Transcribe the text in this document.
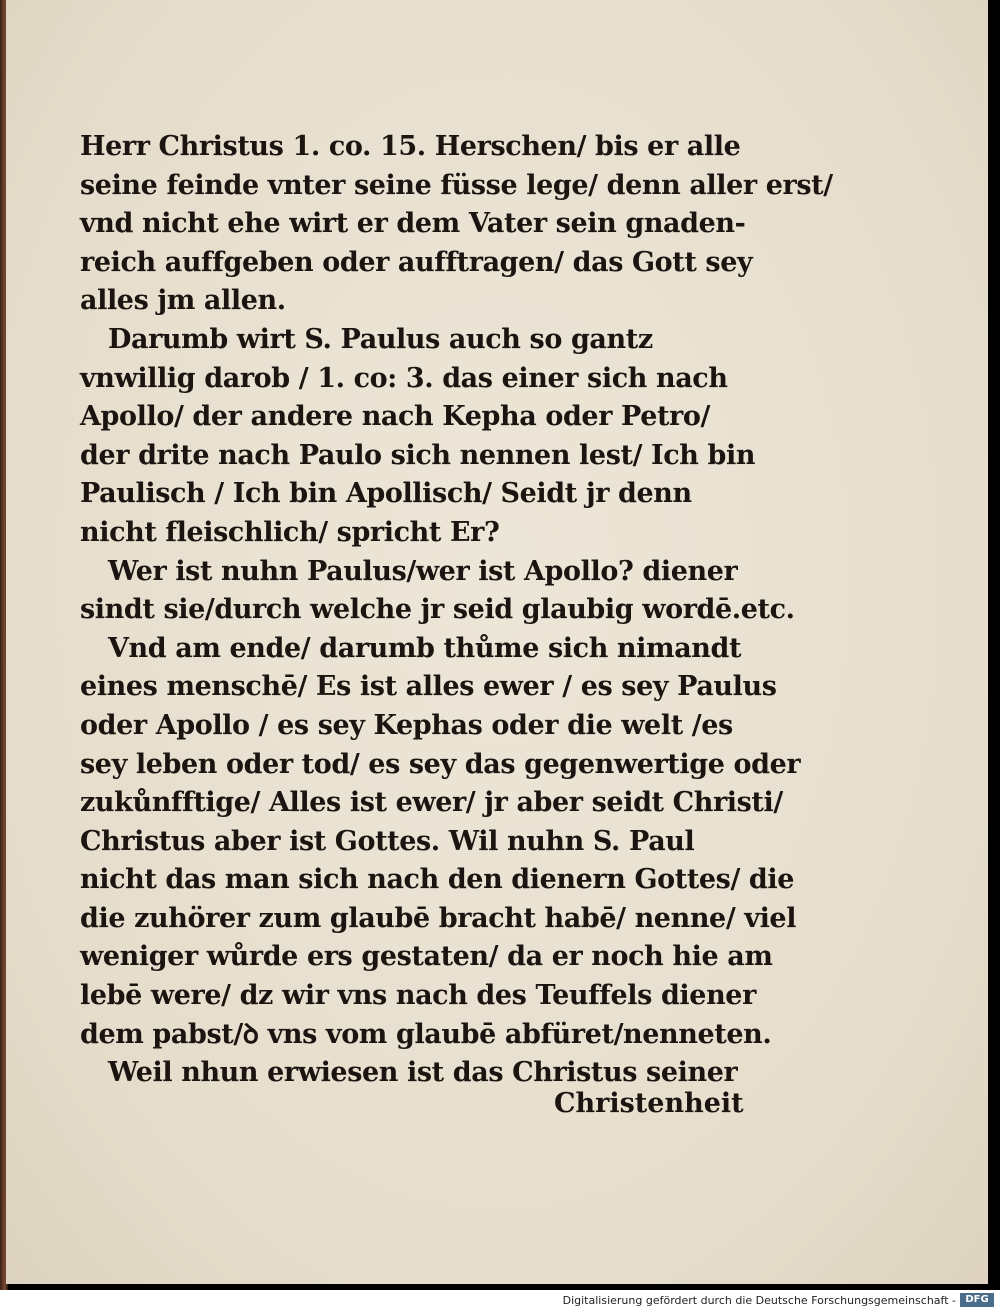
Herr Christus 1. co. 15. Herschen/ bis er alle
seine feinde vnter seine füsse lege/ denn aller erst/
vnd nicht ehe wirt er dem Vater sein gnaden-
reich auffgeben oder aufftragen/ das Gott sey
alles jm allen.
Darumb wirt S. Paulus auch so gantz
vnwillig darob / 1. co: 3. das einer sich nach
Apollo/ der andere nach Kepha oder Petro/
der drite nach Paulo sich nennen lest/ Ich bin
Paulisch / Ich bin Apollisch/ Seidt jr denn
nicht fleischlich/ spricht Er?
Wer ist nuhn Paulus/wer ist Apollo? diener
sindt sie/durch welche jr seid glaubig wordē.etc.
Vnd am ende/ darumb thůme sich nimandt
eines menschē/ Es ist alles ewer / es sey Paulus
oder Apollo / es sey Kephas oder die welt /es
sey leben oder tod/ es sey das gegenwertige oder
zukůnfftige/ Alles ist ewer/ jr aber seidt Christi/
Christus aber ist Gottes. Wil nuhn S. Paul
nicht das man sich nach den dienern Gottes/ die
die zuhörer zum glaubē bracht habē/ nenne/ viel
weniger wůrde ers gestaten/ da er noch hie am
lebē were/ dz wir vns nach des Teuffels diener
dem pabst/ꝺ vns vom glaubē abfüret/nenneten.
Weil nhun erwiesen ist das Christus seiner
Christenheit
Digitalisierung gefördert durch die Deutsche Forschungsgemeinschaft - DFG
